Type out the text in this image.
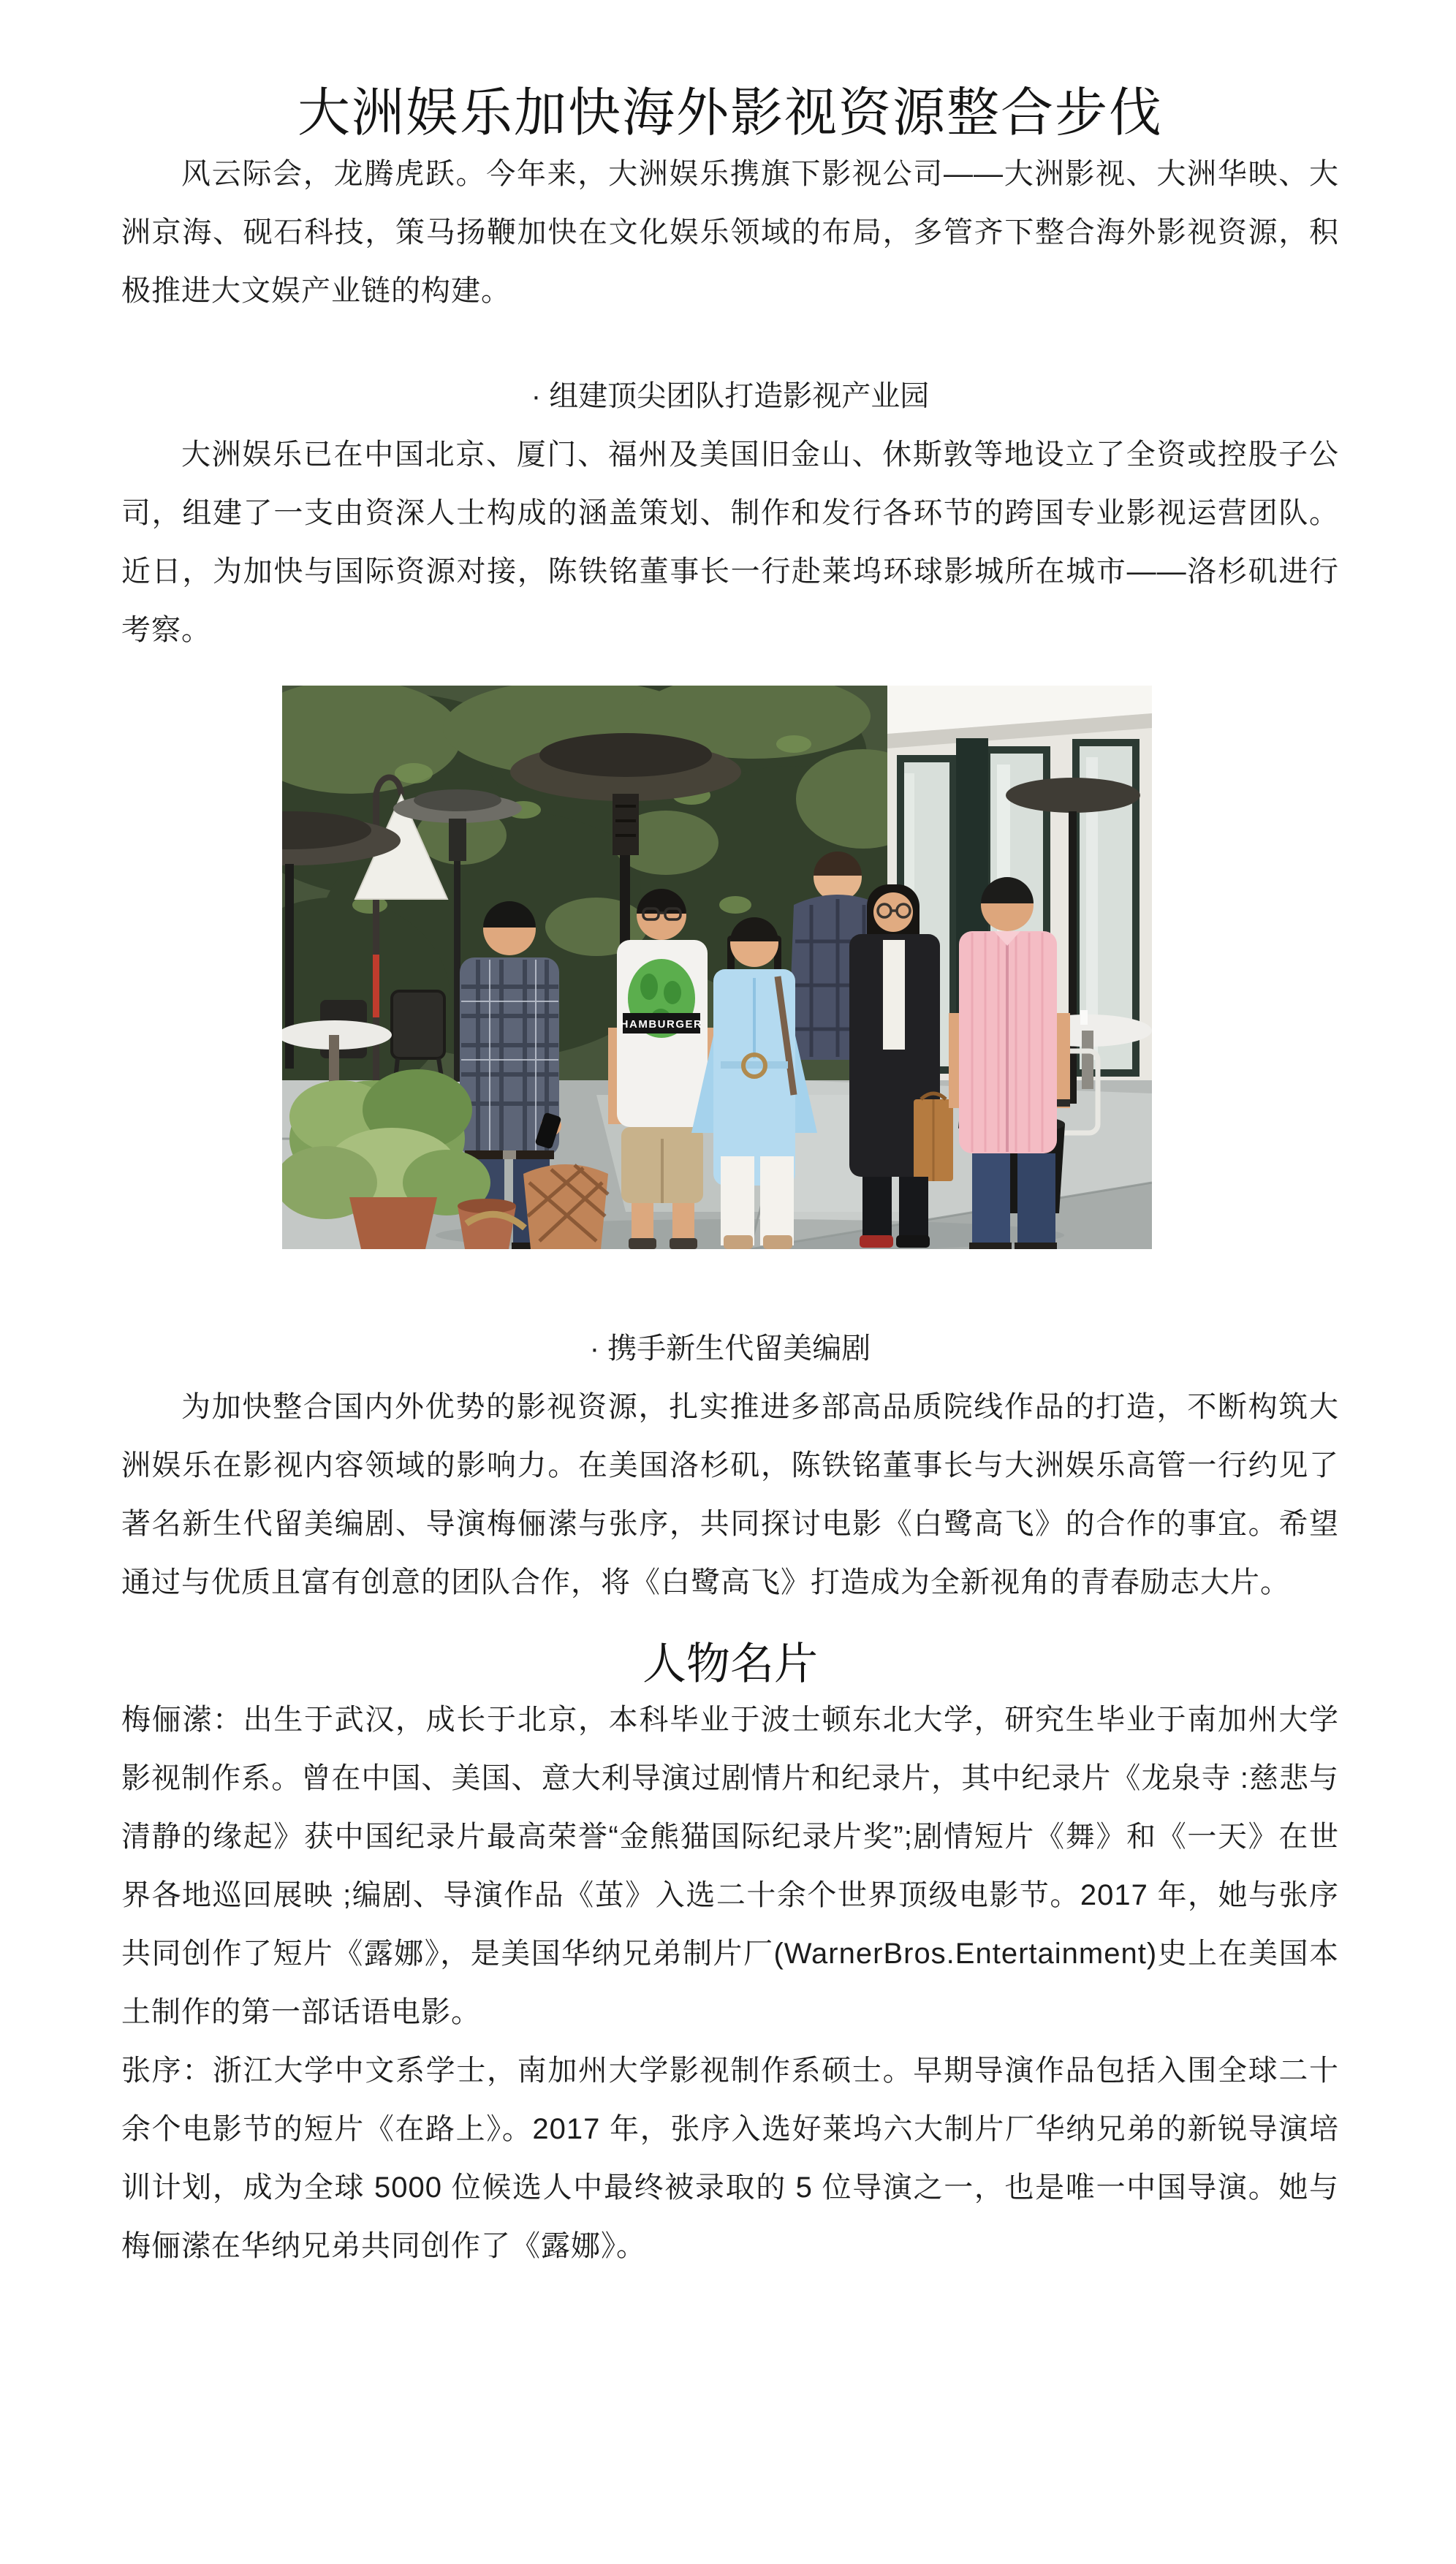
大洲娱乐加快海外影视资源整合步伐

风云际会，龙腾虎跃。今年来，大洲娱乐携旗下影视公司——大洲影视、大洲华映、大洲京海、砚石科技，策马扬鞭加快在文化娱乐领域的布局，多管齐下整合海外影视资源，积极推进大文娱产业链的构建。

· 组建顶尖团队打造影视产业园

大洲娱乐已在中国北京、厦门、福州及美国旧金山、休斯敦等地设立了全资或控股子公司，组建了一支由资深人士构成的涵盖策划、制作和发行各环节的跨国专业影视运营团队。近日，为加快与国际资源对接，陈铁铭董事长一行赴莱坞环球影城所在城市——洛杉矶进行考察。

HAMBURGER
· 携手新生代留美编剧

为加快整合国内外优势的影视资源，扎实推进多部高品质院线作品的打造，不断构筑大洲娱乐在影视内容领域的影响力。在美国洛杉矶，陈铁铭董事长与大洲娱乐高管一行约见了著名新生代留美编剧、导演梅俪潆与张序，共同探讨电影《白鹭高飞》的合作的事宜。希望通过与优质且富有创意的团队合作，将《白鹭高飞》打造成为全新视角的青春励志大片。

人物名片

梅俪潆：出生于武汉，成长于北京，本科毕业于波士顿东北大学，研究生毕业于南加州大学影视制作系。曾在中国、美国、意大利导演过剧情片和纪录片，其中纪录片《龙泉寺 :慈悲与清静的缘起》获中国纪录片最高荣誉“金熊猫国际纪录片奖”;剧情短片《舞》和《一天》在世界各地巡回展映 ;编剧、导演作品《茧》入选二十余个世界顶级电影节。2017 年，她与张序共同创作了短片《露娜》，是美国华纳兄弟制片厂(WarnerBros.Entertainment)史上在美国本土制作的第一部话语电影。

张序：浙江大学中文系学士，南加州大学影视制作系硕士。早期导演作品包括入围全球二十余个电影节的短片《在路上》。2017 年，张序入选好莱坞六大制片厂华纳兄弟的新锐导演培训计划，成为全球 5000 位候选人中最终被录取的 5 位导演之一，也是唯一中国导演。她与梅俪潆在华纳兄弟共同创作了《露娜》。
